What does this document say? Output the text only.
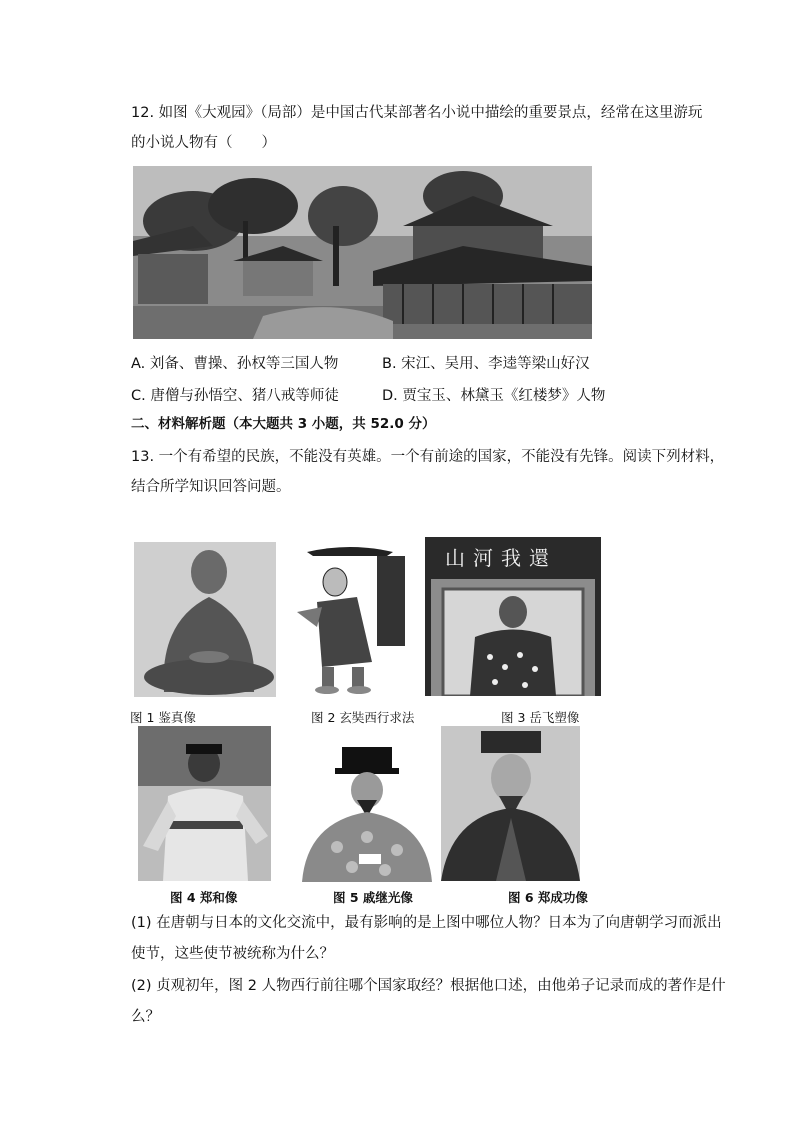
12. 如图《大观园》（局部）是中国古代某部著名小说中描绘的重要景点，经常在这里游玩
的小说人物有（　　）
A. 刘备、曹操、孙权等三国人物	B. 宋江、吴用、李逵等梁山好汉
C. 唐僧与孙悟空、猪八戒等师徒	D. 贾宝玉、林黛玉《红楼梦》人物
二、材料解析题（本大题共 3 小题，共 52.0 分）
13. 一个有希望的民族，不能没有英雄。一个有前途的国家，不能没有先锋。阅读下列材料，
结合所学知识回答问题。
山河我還
图 1 鉴真像	图 2 玄奘西行求法	图 3 岳飞塑像
图 4 郑和像	图 5 戚继光像	图 6 郑成功像
(1) 在唐朝与日本的文化交流中，最有影响的是上图中哪位人物？日本为了向唐朝学习而派出
使节，这些使节被统称为什么？
(2) 贞观初年，图 2 人物西行前往哪个国家取经？根据他口述，由他弟子记录而成的著作是什
么？
